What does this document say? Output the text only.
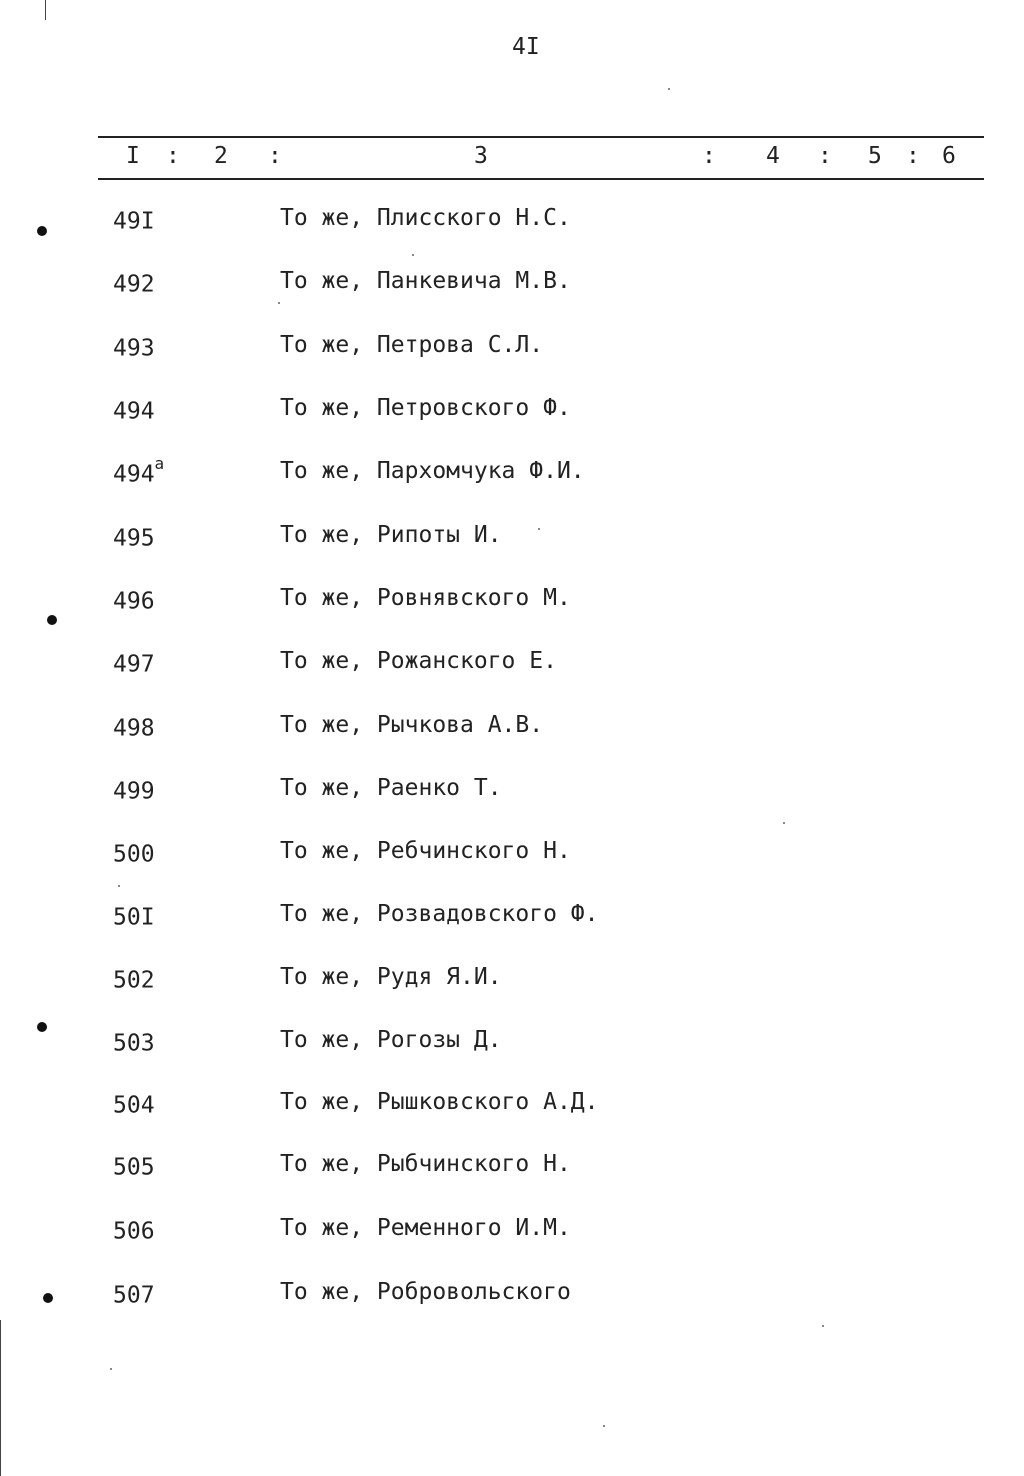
4I
I : 2 :	3	: 4 : 5 : 6
49I	То же, Плисского Н.С.
492	То же, Панкевича М.В.
493	То же, Петрова С.Л.
494	То же, Петровского Ф.
$494^а$	То же, Пархомчука Ф.И.
495	То же, Рипоты И.
496	То же, Ровнявского М.
497	То же, Рожанского Е.
498	То же, Рычкова А.В.
499	То же, Раенко Т.
500	То же, Ребчинского Н.
50I	То же, Розвадовского Ф.
502	То же, Рудя Я.И.
503	То же, Рогозы Д.
504	То же, Рышковского А.Д.
505	То же, Рыбчинского Н.
506	То же, Ременного И.М.
507	То же, Робровольского
